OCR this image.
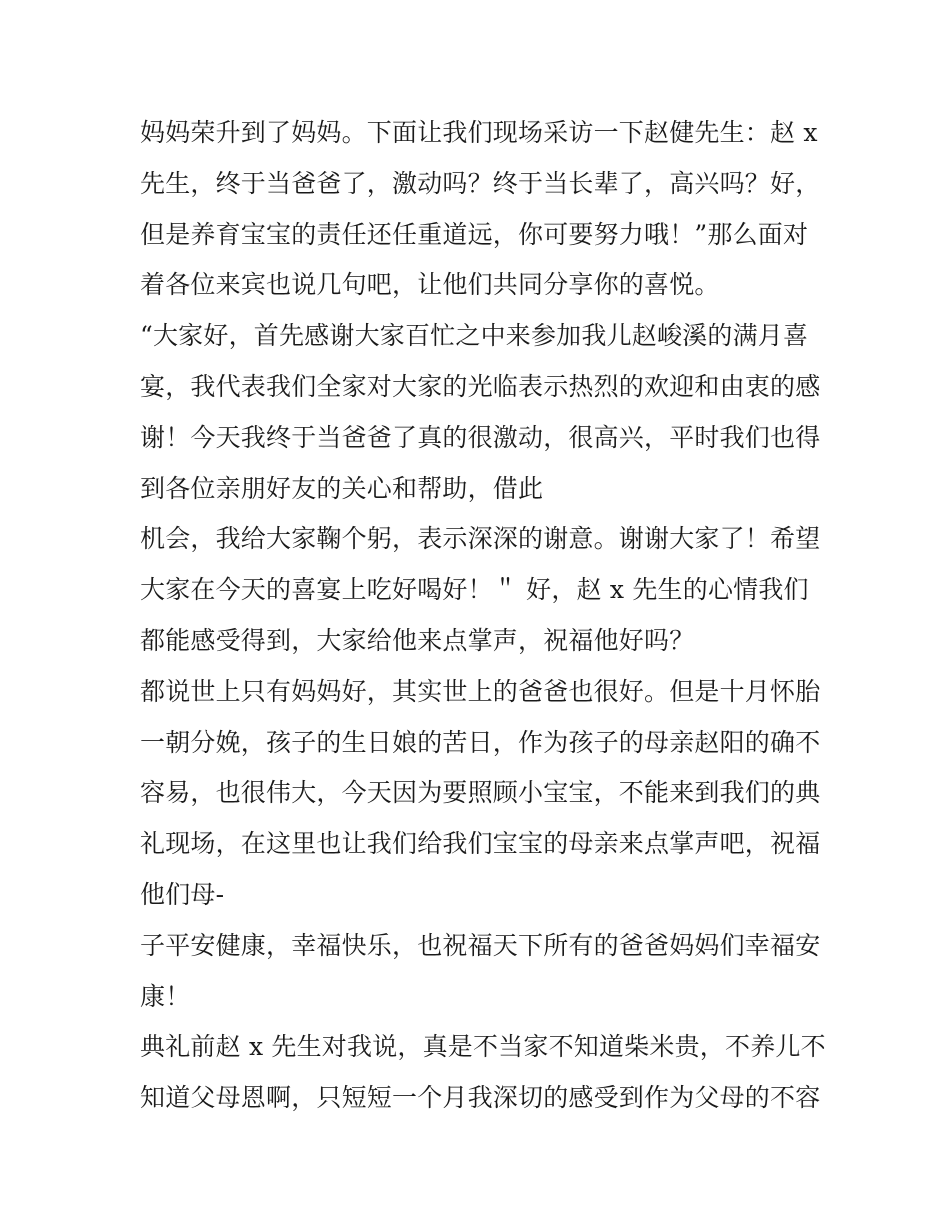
妈妈荣升到了妈妈。下面让我们现场采访一下赵健先生：赵 x
先生，终于当爸爸了，激动吗？终于当长辈了，高兴吗？好，
但是养育宝宝的责任还任重道远，你可要努力哦！”那么面对
着各位来宾也说几句吧，让他们共同分享你的喜悦。
“大家好，首先感谢大家百忙之中来参加我儿赵峻溪的满月喜
宴，我代表我们全家对大家的光临表示热烈的欢迎和由衷的感
谢！今天我终于当爸爸了真的很激动，很高兴，平时我们也得
到各位亲朋好友的关心和帮助，借此
机会，我给大家鞠个躬，表示深深的谢意。谢谢大家了！希望
大家在今天的喜宴上吃好喝好！＂ 好，赵 x 先生的心情我们
都能感受得到，大家给他来点掌声，祝福他好吗？
都说世上只有妈妈好，其实世上的爸爸也很好。但是十月怀胎
一朝分娩，孩子的生日娘的苦日，作为孩子的母亲赵阳的确不
容易，也很伟大，今天因为要照顾小宝宝，不能来到我们的典
礼现场，在这里也让我们给我们宝宝的母亲来点掌声吧，祝福
他们母-
子平安健康，幸福快乐，也祝福天下所有的爸爸妈妈们幸福安
康！
典礼前赵 x 先生对我说，真是不当家不知道柴米贵，不养儿不
知道父母恩啊，只短短一个月我深切的感受到作为父母的不容
